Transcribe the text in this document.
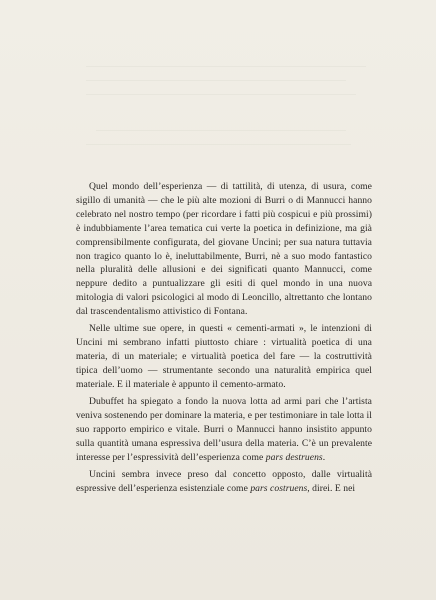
Quel mondo dell’esperienza — di tattilità, di utenza, di usura, come sigillo di umanità — che le più alte mozioni di Burri o di Mannucci hanno celebrato nel nostro tempo (per ricordare i fatti più cospicui e più prossimi) è indubbiamente l’area tematica cui verte la poetica in definizione, ma già comprensibilmente configurata, del giovane Uncini; per sua natura tuttavia non tragico quanto lo è, ineluttabilmente, Burri, nè a suo modo fantastico nella pluralità delle allusioni e dei significati quanto Mannucci, come neppure dedito a puntualizzare gli esiti di quel mondo in una nuova mitologia di valori psicologici al modo di Leoncillo, altrettanto che lontano dal trascendentalismo attivistico di Fontana.

Nelle ultime sue opere, in questi « cementi-armati », le intenzioni di Uncini mi sembrano infatti piuttosto chiare : virtualità poetica di una materia, di un materiale; e virtualità poetica del fare — la costruttività tipica dell’uomo — strumentante secondo una naturalità empirica quel materiale. E il materiale è appunto il cemento-armato.

Dubuffet ha spiegato a fondo la nuova lotta ad armi pari che l’artista veniva sostenendo per dominare la materia, e per testimoniare in tale lotta il suo rapporto empirico e vitale. Burri o Mannucci hanno insistito appunto sulla quantità umana espressiva dell’usura della materia. C’è un prevalente interesse per l’espressività dell’esperienza come pars destruens.

Uncini sembra invece preso dal concetto opposto, dalle virtualità espressive dell’esperienza esistenziale come pars costruens, direi. E nei
